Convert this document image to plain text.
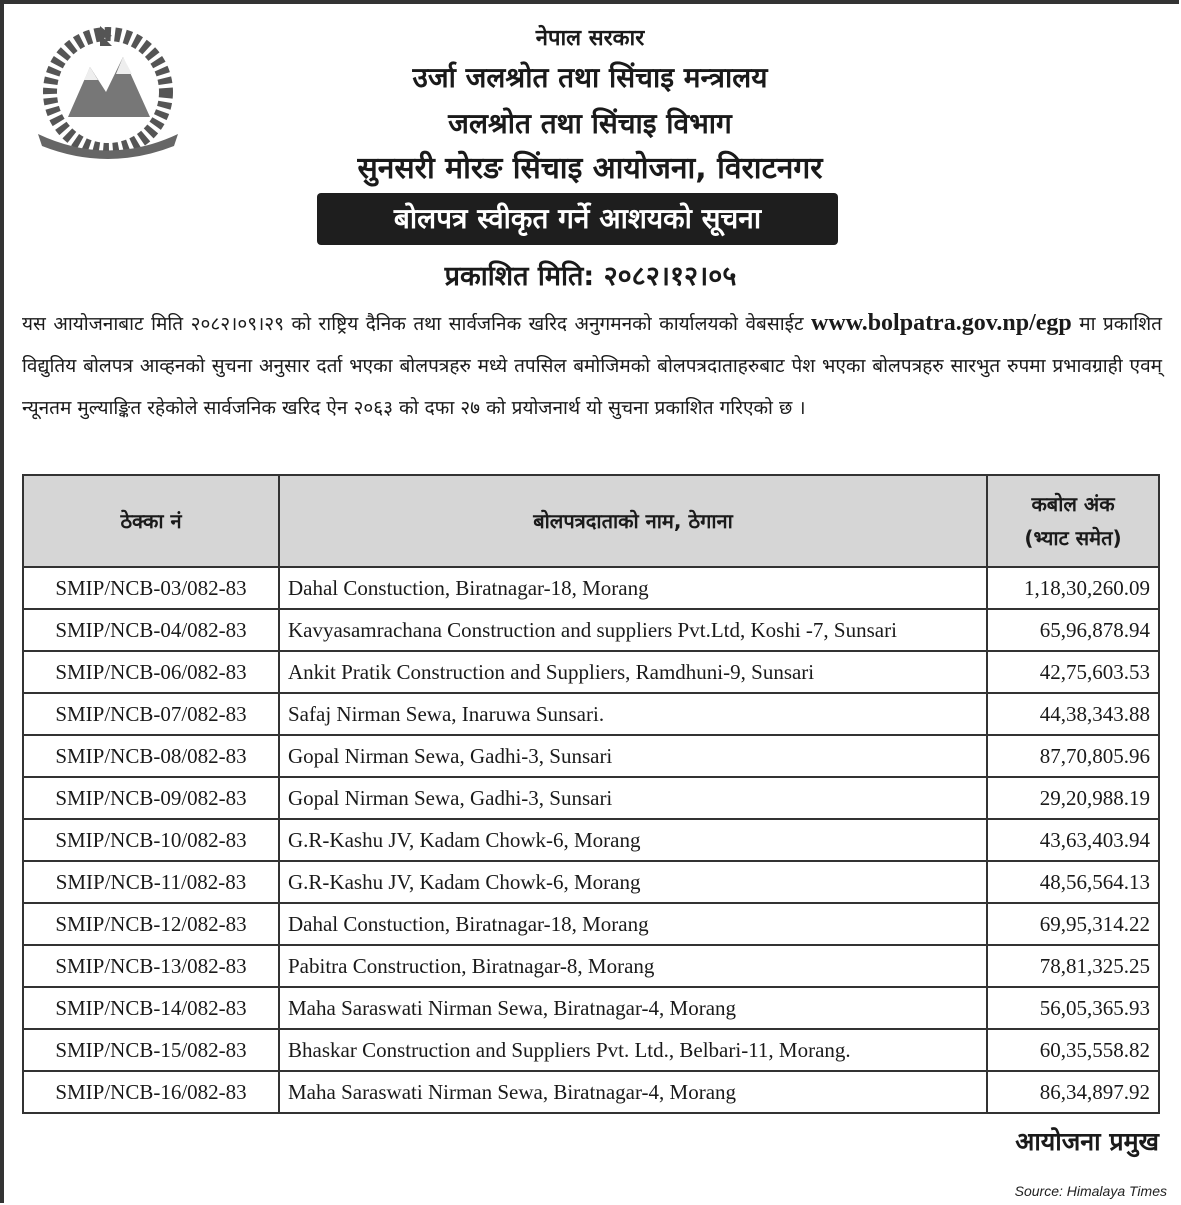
नेपाल सरकार
उर्जा जलश्रोत तथा सिंचाइ मन्त्रालय
जलश्रोत तथा सिंचाइ विभाग
सुनसरी मोरङ सिंचाइ आयोजना, विराटनगर
बोलपत्र स्वीकृत गर्ने आशयको सूचना
प्रकाशित मिति: २०८२।१२।०५
यस आयोजनाबाट मिति २०८२।०९।२९ को राष्ट्रिय दैनिक तथा सार्वजनिक खरिद अनुगमनको कार्यालयको वेबसाईट www.bolpatra.gov.np/egp मा प्रकाशित विद्युतिय बोलपत्र आव्हनको सुचना अनुसार दर्ता भएका बोलपत्रहरु मध्ये तपसिल बमोजिमको बोलपत्रदाताहरुबाट पेश भएका बोलपत्रहरु सारभुत रुपमा प्रभावग्राही एवम् न्यूनतम मुल्याङ्कित रहेकोले सार्वजनिक खरिद ऐन २०६३ को दफा २७ को प्रयोजनार्थ यो सुचना प्रकाशित गरिएको छ ।
ठेक्का नं	बोलपत्रदाताको नाम, ठेगाना	कबोल अंक
(भ्याट समेत)
SMIP/NCB-03/082-83	Dahal Constuction, Biratnagar-18, Morang	1,18,30,260.09
SMIP/NCB-04/082-83	Kavyasamrachana Construction and suppliers Pvt.Ltd, Koshi -7, Sunsari	65,96,878.94
SMIP/NCB-06/082-83	Ankit Pratik Construction and Suppliers, Ramdhuni-9, Sunsari	42,75,603.53
SMIP/NCB-07/082-83	Safaj Nirman Sewa, Inaruwa Sunsari.	44,38,343.88
SMIP/NCB-08/082-83	Gopal Nirman Sewa, Gadhi-3, Sunsari	87,70,805.96
SMIP/NCB-09/082-83	Gopal Nirman Sewa, Gadhi-3, Sunsari	29,20,988.19
SMIP/NCB-10/082-83	G.R-Kashu JV, Kadam Chowk-6, Morang	43,63,403.94
SMIP/NCB-11/082-83	G.R-Kashu JV, Kadam Chowk-6, Morang	48,56,564.13
SMIP/NCB-12/082-83	Dahal Constuction, Biratnagar-18, Morang	69,95,314.22
SMIP/NCB-13/082-83	Pabitra Construction, Biratnagar-8, Morang	78,81,325.25
SMIP/NCB-14/082-83	Maha Saraswati Nirman Sewa, Biratnagar-4, Morang	56,05,365.93
SMIP/NCB-15/082-83	Bhaskar Construction and Suppliers Pvt. Ltd., Belbari-11, Morang.	60,35,558.82
SMIP/NCB-16/082-83	Maha Saraswati Nirman Sewa, Biratnagar-4, Morang	86,34,897.92
आयोजना प्रमुख
Source: Himalaya Times
